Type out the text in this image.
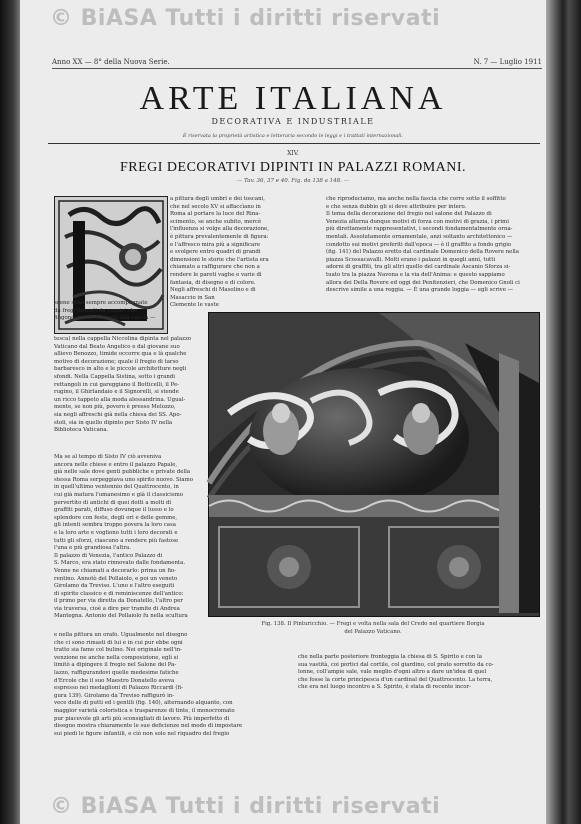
© BiASA Tutti i diritti riservati
Anno XX — 8° della Nuova Serie.	N. 7 — Luglio 1911
ARTE ITALIANA
DECORATIVA E INDUSTRIALE
È riservata la proprietà artistica e letteraria secondo le leggi e i trattati internazionali.
XIV.
FREGI DECORATIVI DIPINTI IN PALAZZI ROMANI.
— Tav. 36, 37 e 40. Fig. da 138 a 148. —
a pittura degli umbri e dei toscani,
che nel secolo XV si affaccìano in
Roma al portare la luce del Rina-
scimento, se anche subito, mercè
l'influenza si volge alla decorazione,
è pittura prevalentemente di figura:
e l'affresco mira più a significare
e svolgere entro quadri di grandi
dimensioni le storie che l'artista era
chiamato a raffigurare che non a
rendere le pareti vaghe e varie di
fantasia, di disegno e di colore.
Negli affreschi di Masolino e di
Masaccio in San
Clemente le vaste
che riproduciamo, ma anche nella fascia che corre sotto il soffitto
e che senza dubbio gli si deve attribuire per intero.
Il tema della decorazione del fregio nel salone del Palazzo di
Venezia alterna dunque motivi di forza con motivi di grazia, i primi
più direttamente rappresentativi, i secondi fondamentalmente orna-
mentali. Assolutamente ornamentale, anzi soltanto architettonico —
condotto sui motivi preferiti dall'epoca — è il graffito a fondo grigio
(fig. 141) del Palazzo eretto dal cardinale Domenico della Rovere nella
piazza Scossacavalli. Molti erano i palazzi in quegli anni, tutti
adorni di graffiti, tra gli altri quello del cardinale Ascanio Sforza si-
tuato tra la piazza Navona e la via dell'Anima: e questo sappiamo
allora dei Della Rovere ed oggi dei Penitenzieri, che Domenico Gnoli ci
descrive simile a una reggia. — È una grande loggia — egli scrive —
scene sono sempre accompagnate
da fregi formati da cornici che
fingono marmi e intagli alla carola —
tesca) nella cappella Niccolina dipinta nel palazzo
Vaticano dal Beato Angelico e dal giovane suo
allievo Benozzo, timide occorre qua e là qualche
motivo di decorazione; quale il fregio di tarso
barbaresco in alto e le piccole architetture negli
sfondi. Nella Cappella Sistina, sotto i grandi
rettangoli in cui gareggiano il Botticelli, il Pe-
rugino, il Ghirlandaio e il Signorelli, si stende
un ricco tappeto alla moda alessandrina. Ugual-
mente, se non più, povero è presso Melozzo,
sia negli affreschi già nella chiesa dei SS. Apo-
stoli, sia in quello dipinto per Sisto IV nella
Biblioteca Vaticana.
Ma se al tempo di Sisto IV ciò avveniva
ancora nelle chiese e entro il palazzo Papale,
già nelle sale dove genti pubbliche e private della
stessa Roma serpeggiava uno spirito nuovo. Siamo
in quell'ultimo ventennio del Quattrocento, in
cui già matura l'umanesimo e già il classicismo
pervertito di antichi di quei dotti a molti di
graffiti parati, diffuso dovunque il lusso e lo
splendore con feste, degli ori e delle gemme,
gli intenti sembra troppo povera la loro casa
e la loro arte e vogliono tutti i loro decorati e
tutti gli sforzi, ciascuno a rendere più fastose
l'una e più grandiosa l'altra.
Il palazzo di Venezia, l'antico Palazzo di
S. Marco, era stato rinnovato dalle fondamenta.
Venne ne chiamati a decorarlo: prima un fio-
rentino. Annotò del Pollaiolo, e poi un veneto
Girolamo da Treviso. L'uno e l'altro eseguiti
di spirito classico e di reminiscenze dell'antico:
il primo per via diretta da Donatello, l'altro per
via traversa, cioè a dire per tramite di Andrea
Mantegna. Antonio del Pollaiolo fu nella scultura
e nella pittura un orafo. Ugualmente nel disegno
che ci sono rimasti di lui e in cui pur ebbe ogni
tratto sia fame col bulino. Nei originale nell'in-
venzione ne anche nella composizione, egli si
limitò a dipingere il fregio nel Salone del Pa-
lazzo, raffigurandovi quelle medesime fatiche
d'Ercole che il suo Maestro Donatello aveva
espresso nei medaglioni di Palazzo Riccardi (fi-
gura 139). Girolamo da Treviso raffigurò in-
vece delle di putti ed i gentili (fig. 140), alternando alquanto, con
maggior varietà coloristica e trasparenze di tinte, il monocromato
pur piacevole gli arti più sconsigliati di lavoro. Più imperfetto di
disegno mostra chiaramente le sue deficienze nel modo di impostare
sui piedi le figure infantili, e ciò non solo nel riquadro del fregio
che nella parte posteriore fronteggia la chiesa di S. Spirito e con la
sua vastità, coi portici dal cortile, col giardino, col prato sorretto da co-
lonne, coll'ampie sale, vale meglio d'ogni altro a dare un'idea di quel
che fosse la corte principesca d'un cardinal del Quattrocento. La terra,
che era nel luogo incontro a S. Spirito, è stata di recente incor-
Fig. 138. Il Pinturicchio. — Fregi e volta nella sala del Credo nel quartiere Borgia
del Palazzo Vaticano.
© BiASA Tutti i diritti riservati
